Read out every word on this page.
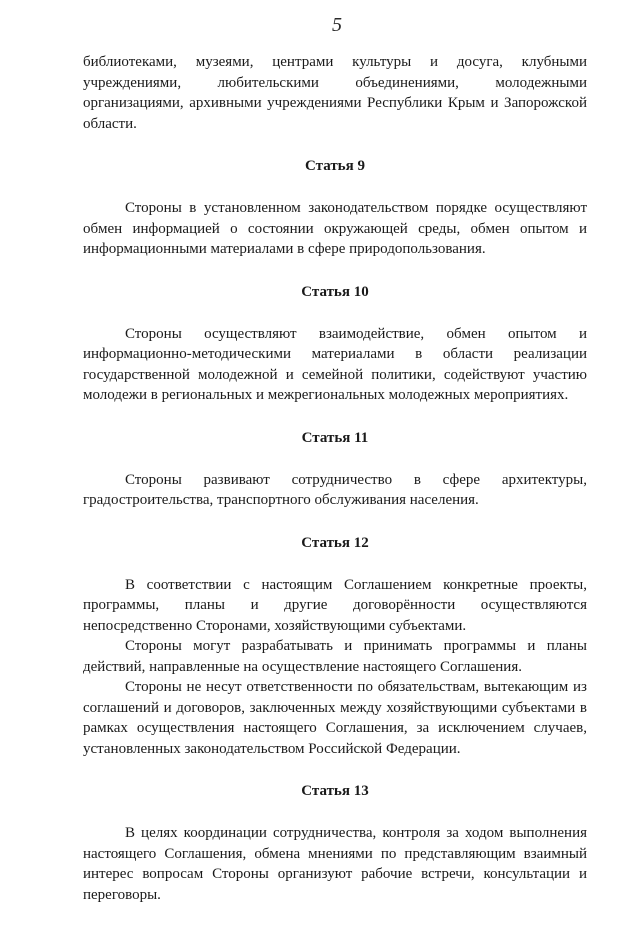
5

библиотеками, музеями, центрами культуры и досуга, клубными учреждениями, любительскими объединениями, молодежными организациями, архивными учреждениями Республики Крым и Запорожской области.

Статья 9

Стороны в установленном законодательством порядке осуществляют обмен информацией о состоянии окружающей среды, обмен опытом и информационными материалами в сфере природопользования.

Статья 10

Стороны осуществляют взаимодействие, обмен опытом и информационно-методическими материалами в области реализации государственной молодежной и семейной политики, содействуют участию молодежи в региональных и межрегиональных молодежных мероприятиях.

Статья 11

Стороны развивают сотрудничество в сфере архитектуры, градостроительства, транспортного обслуживания населения.

Статья 12

В соответствии с настоящим Соглашением конкретные проекты, программы, планы и другие договорённости осуществляются непосредственно Сторонами, хозяйствующими субъектами.

Стороны могут разрабатывать и принимать программы и планы действий, направленные на осуществление настоящего Соглашения.

Стороны не несут ответственности по обязательствам, вытекающим из соглашений и договоров, заключенных между хозяйствующими субъектами в рамках осуществления настоящего Соглашения, за исключением случаев, установленных законодательством Российской Федерации.

Статья 13

В целях координации сотрудничества, контроля за ходом выполнения настоящего Соглашения, обмена мнениями по представляющим взаимный интерес вопросам Стороны организуют рабочие встречи, консультации и переговоры.
